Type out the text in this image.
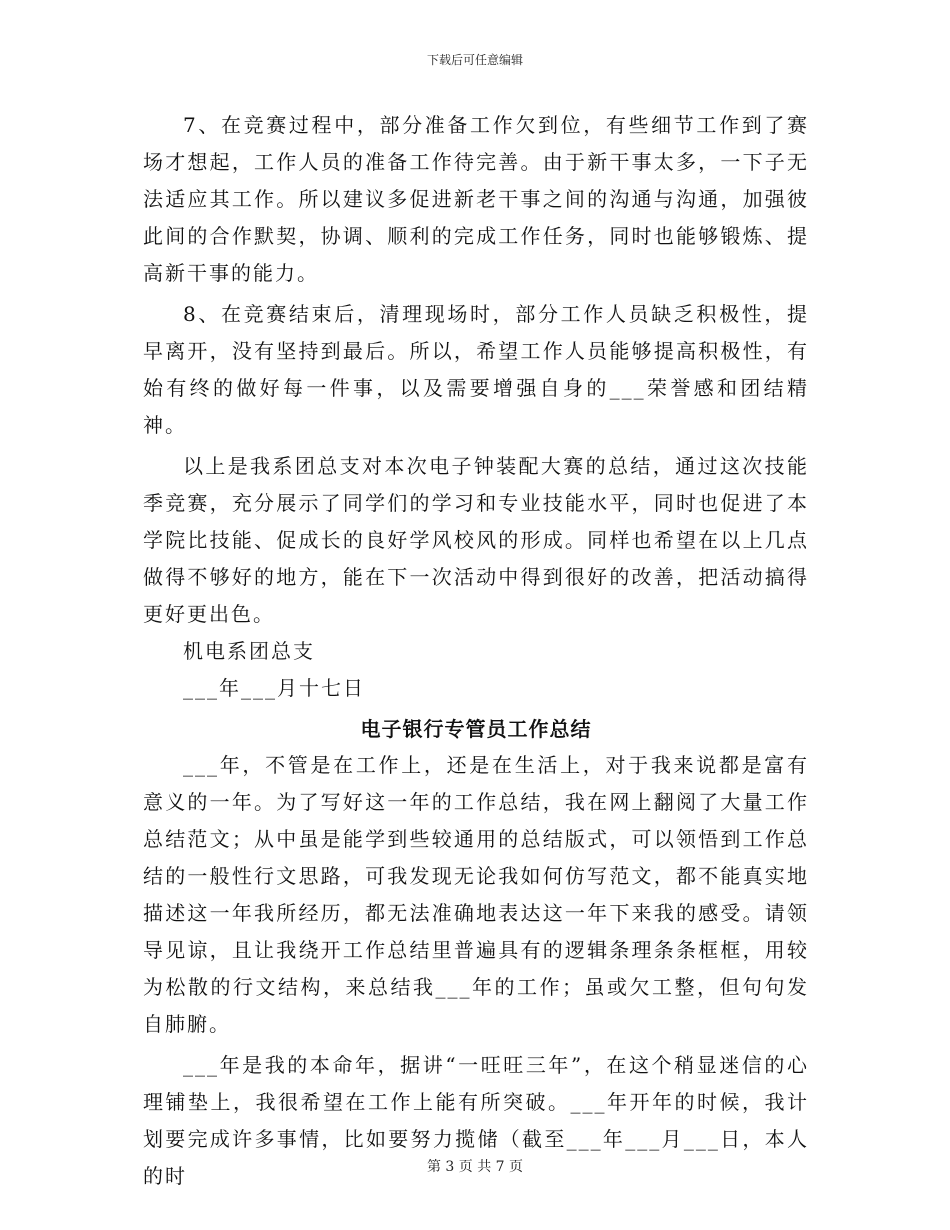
下载后可任意编辑

7、在竞赛过程中，部分准备工作欠到位，有些细节工作到了赛场才想起，工作人员的准备工作待完善。由于新干事太多，一下子无法适应其工作。所以建议多促进新老干事之间的沟通与沟通，加强彼此间的合作默契，协调、顺利的完成工作任务，同时也能够锻炼、提高新干事的能力。

8、在竞赛结束后，清理现场时，部分工作人员缺乏积极性，提早离开，没有坚持到最后。所以，希望工作人员能够提高积极性，有始有终的做好每一件事，以及需要增强自身的___荣誉感和团结精神。

以上是我系团总支对本次电子钟装配大赛的总结，通过这次技能季竞赛，充分展示了同学们的学习和专业技能水平，同时也促进了本学院比技能、促成长的良好学风校风的形成。同样也希望在以上几点做得不够好的地方，能在下一次活动中得到很好的改善，把活动搞得更好更出色。

机电系团总支

___年___月十七日

电子银行专管员工作总结

___年，不管是在工作上，还是在生活上，对于我来说都是富有意义的一年。为了写好这一年的工作总结，我在网上翻阅了大量工作总结范文；从中虽是能学到些较通用的总结版式，可以领悟到工作总结的一般性行文思路，可我发现无论我如何仿写范文，都不能真实地描述这一年我所经历，都无法准确地表达这一年下来我的感受。请领导见谅，且让我绕开工作总结里普遍具有的逻辑条理条条框框，用较为松散的行文结构，来总结我___年的工作；虽或欠工整，但句句发自肺腑。

___年是我的本命年，据讲“一旺旺三年”，在这个稍显迷信的心理铺垫上，我很希望在工作上能有所突破。___年开年的时候，我计划要完成许多事情，比如要努力揽储（截至___年___月___日，本人的时	第 3 页 共 7 页
